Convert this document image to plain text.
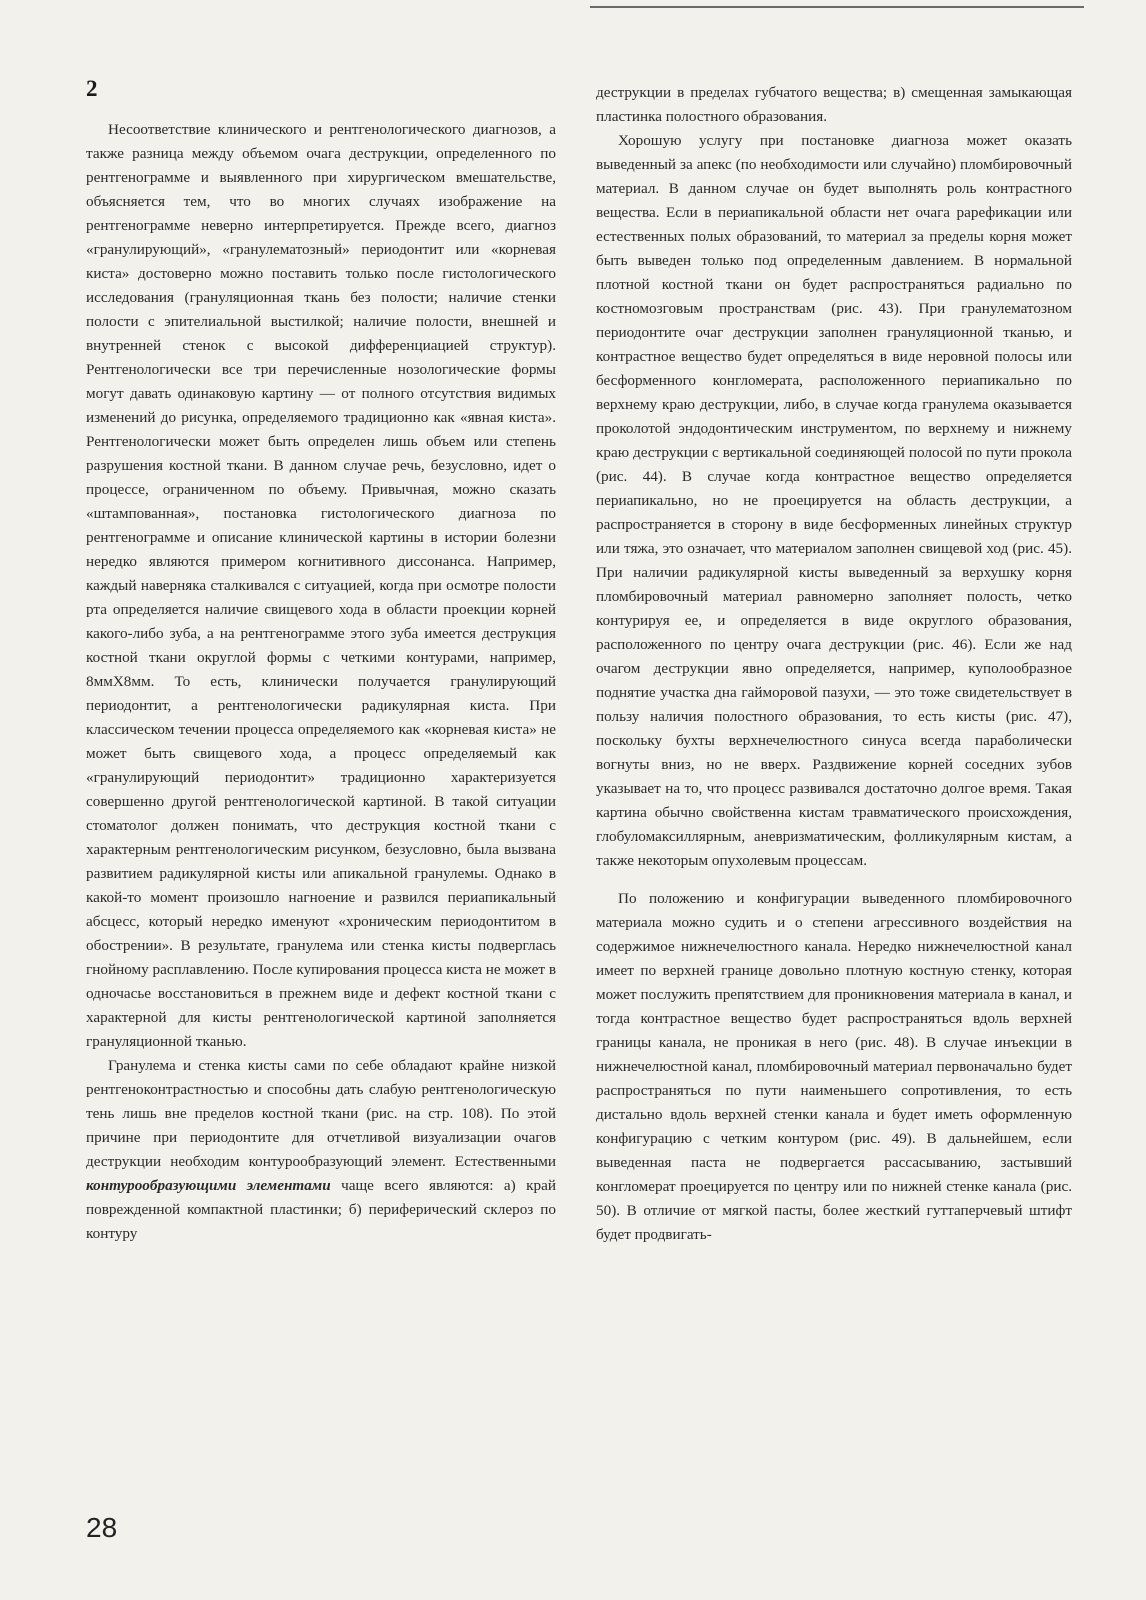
2

Несоответствие клинического и рентгенологического диагнозов, а также разница между объемом очага деструкции, определенного по рентгенограмме и выявленного при хирургическом вмешательстве, объясняется тем, что во многих случаях изображение на рентгенограмме неверно интерпретируется. Прежде всего, диагноз «гранулирующий», «гранулематозный» периодонтит или «корневая киста» достоверно можно поставить только после гистологического исследования (грануляционная ткань без полости; наличие стенки полости с эпителиальной выстилкой; наличие полости, внешней и внутренней стенок с высокой дифференциацией структур). Рентгенологически все три перечисленные нозологические формы могут давать одинаковую картину — от полного отсутствия видимых изменений до рисунка, определяемого традиционно как «явная киста». Рентгенологически может быть определен лишь объем или степень разрушения костной ткани. В данном случае речь, безусловно, идет о процессе, ограниченном по объему. Привычная, можно сказать «штампованная», постановка гистологического диагноза по рентгенограмме и описание клинической картины в истории болезни нередко являются примером когнитивного диссонанса. Например, каждый наверняка сталкивался с ситуацией, когда при осмотре полости рта определяется наличие свищевого хода в области проекции корней какого-либо зуба, а на рентгенограмме этого зуба имеется деструкция костной ткани округлой формы с четкими контурами, например, 8ммX8мм. То есть, клинически получается гранулирующий периодонтит, а рентгенологически радикулярная киста. При классическом течении процесса определяемого как «корневая киста» не может быть свищевого хода, а процесс определяемый как «гранулирующий периодонтит» традиционно характеризуется совершенно другой рентгенологической картиной. В такой ситуации стоматолог должен понимать, что деструкция костной ткани с характерным рентгенологическим рисунком, безусловно, была вызвана развитием радикулярной кисты или апикальной гранулемы. Однако в какой-то момент произошло нагноение и развился периапикальный абсцесс, который нередко именуют «хроническим периодонтитом в обострении». В результате, гранулема или стенка кисты подверглась гнойному расплавлению. После купирования процесса киста не может в одночасье восстановиться в прежнем виде и дефект костной ткани с характерной для кисты рентгенологической картиной заполняется грануляционной тканью.

Гранулема и стенка кисты сами по себе обладают крайне низкой рентгеноконтрастностью и способны дать слабую рентгенологическую тень лишь вне пределов костной ткани (рис. на стр. 108). По этой причине при периодонтите для отчетливой визуализации очагов деструкции необходим контурообразующий элемент. Естественными контурообразующими элементами чаще всего являются: а) край поврежденной компактной пластинки; б) периферический склероз по контуру

деструкции в пределах губчатого вещества; в) смещенная замыкающая пластинка полостного образования.

Хорошую услугу при постановке диагноза может оказать выведенный за апекс (по необходимости или случайно) пломбировочный материал. В данном случае он будет выполнять роль контрастного вещества. Если в периапикальной области нет очага рарефикации или естественных полых образований, то материал за пределы корня может быть выведен только под определенным давлением. В нормальной плотной костной ткани он будет распространяться радиально по костномозговым пространствам (рис. 43). При гранулематозном периодонтите очаг деструкции заполнен грануляционной тканью, и контрастное вещество будет определяться в виде неровной полосы или бесформенного конгломерата, расположенного периапикально по верхнему краю деструкции, либо, в случае когда гранулема оказывается проколотой эндодонтическим инструментом, по верхнему и нижнему краю деструкции с вертикальной соединяющей полосой по пути прокола (рис. 44). В случае когда контрастное вещество определяется периапикально, но не проецируется на область деструкции, а распространяется в сторону в виде бесформенных линейных структур или тяжа, это означает, что материалом заполнен свищевой ход (рис. 45). При наличии радикулярной кисты выведенный за верхушку корня пломбировочный материал равномерно заполняет полость, четко контурируя ее, и определяется в виде округлого образования, расположенного по центру очага деструкции (рис. 46). Если же над очагом деструкции явно определяется, например, куполообразное поднятие участка дна гайморовой пазухи, — это тоже свидетельствует в пользу наличия полостного образования, то есть кисты (рис. 47), поскольку бухты верхнечелюстного синуса всегда параболически вогнуты вниз, но не вверх. Раздвижение корней соседних зубов указывает на то, что процесс развивался достаточно долгое время. Такая картина обычно свойственна кистам травматического происхождения, глобуломаксиллярным, аневризматическим, фолликулярным кистам, а также некоторым опухолевым процессам.

По положению и конфигурации выведенного пломбировочного материала можно судить и о степени агрессивного воздействия на содержимое нижнечелюстного канала. Нередко нижнечелюстной канал имеет по верхней границе довольно плотную костную стенку, которая может послужить препятствием для проникновения материала в канал, и тогда контрастное вещество будет распространяться вдоль верхней границы канала, не проникая в него (рис. 48). В случае инъекции в нижнечелюстной канал, пломбировочный материал первоначально будет распространяться по пути наименьшего сопротивления, то есть дистально вдоль верхней стенки канала и будет иметь оформленную конфигурацию с четким контуром (рис. 49). В дальнейшем, если выведенная паста не подвергается рассасыванию, застывший конгломерат проецируется по центру или по нижней стенке канала (рис. 50). В отличие от мягкой пасты, более жесткий гуттаперчевый штифт будет продвигать-

28
